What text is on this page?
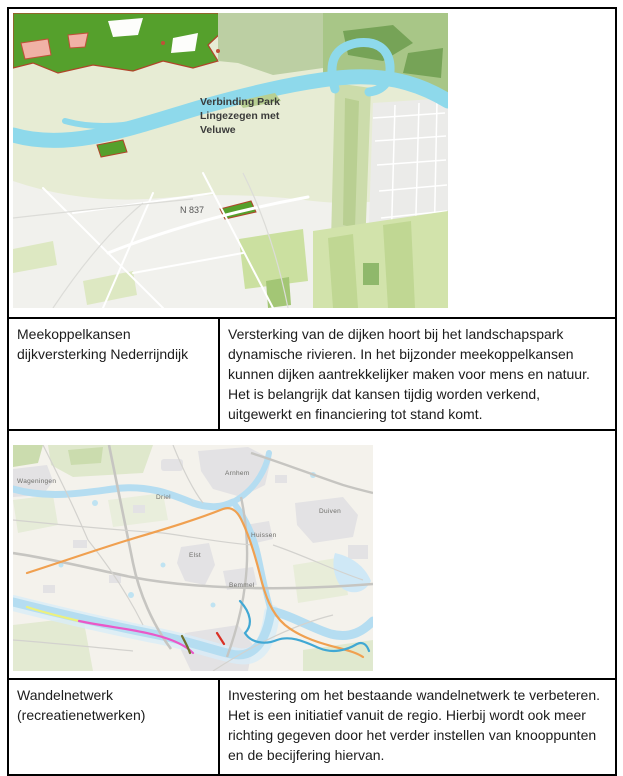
Verbinding Park Lingezegen met Veluwe
N 837	

Meekoppelkansen dijkversterking Nederrijndijk	Versterking van de dijken hoort bij het landschapspark dynamische rivieren. In het bijzonder meekoppelkansen kunnen dijken aantrekkelijker maken voor mens en natuur. Het is belangrijk dat kansen tijdig worden verkend, uitgewerkt en financiering tot stand komt.

Wageningen
Arnhem
Driel
Huissen
Elst
Bemmel
Duiven

Wandelnetwerk (recreatienetwerken)	Investering om het bestaande wandelnetwerk te verbeteren. Het is een initiatief vanuit de regio. Hierbij wordt ook meer richting gegeven door het verder instellen van knooppunten en de becijfering hiervan.
